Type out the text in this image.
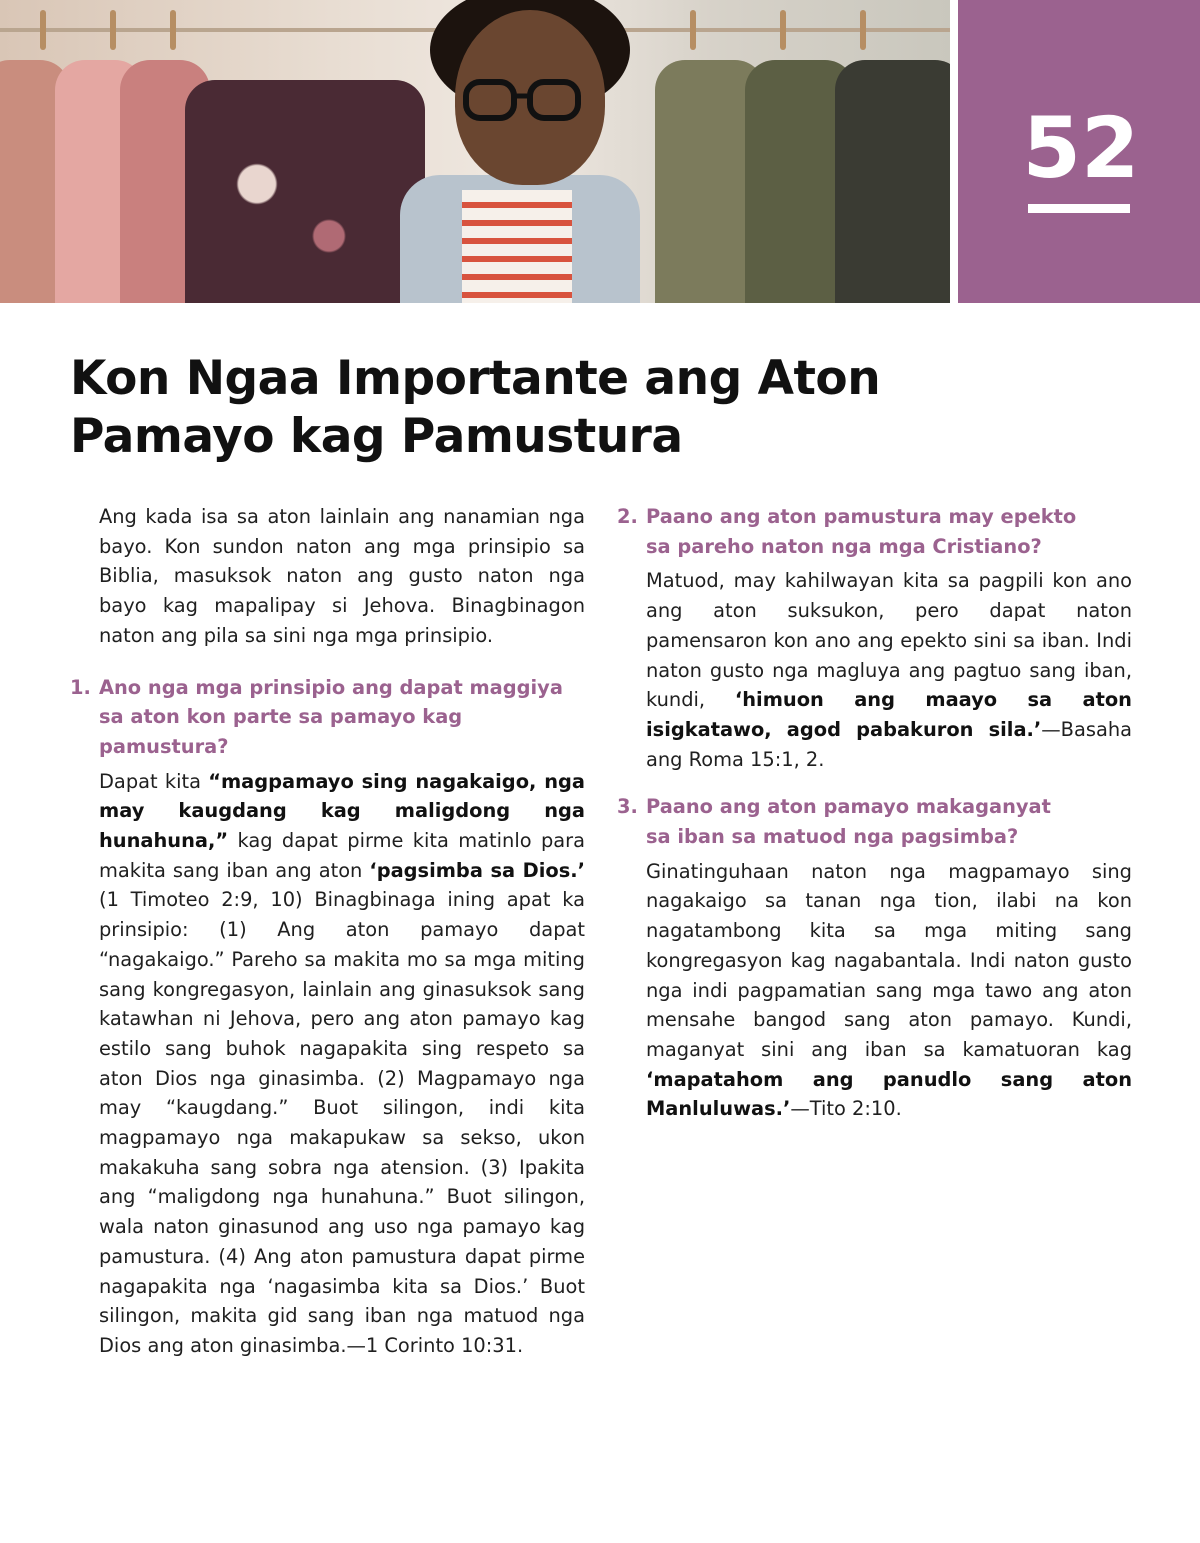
52
Kon Ngaa Importante ang Aton
Pamayo kag Pamustura

Ang kada isa sa aton lainlain ang nanamian nga bayo. Kon sundon naton ang mga prinsipio sa Biblia, masuksok naton ang gusto naton nga bayo kag mapalipay si Jehova. Binagbinagon naton ang pila sa sini nga mga prinsipio.

1. Ano nga mga prinsipio ang dapat maggiya
sa aton kon parte sa pamayo kag pamustura?

Dapat kita “magpamayo sing nagakaigo, nga may kaugdang kag maligdong nga hunahuna,” kag dapat pirme kita matinlo para makita sang iban ang aton ‘pagsimba sa Dios.’ (1 Timoteo 2:9, 10) Binagbinaga ining apat ka prinsipio: (1) Ang aton pamayo dapat “nagakaigo.” Pareho sa makita mo sa mga miting sang kongregasyon, lainlain ang ginasuksok sang katawhan ni Jehova, pero ang aton pamayo kag estilo sang buhok nagapakita sing respeto sa aton Dios nga ginasimba. (2) Magpamayo nga may “kaugdang.” Buot silingon, indi kita magpamayo nga makapukaw sa sekso, ukon makakuha sang sobra nga atension. (3) Ipakita ang “maligdong nga hunahuna.” Buot silingon, wala naton ginasunod ang uso nga pamayo kag pamustura. (4) Ang aton pamustura dapat pirme nagapakita nga ‘nagasimba kita sa Dios.’ Buot silingon, makita gid sang iban nga matuod nga Dios ang aton ginasimba.—1 Corinto 10:31.

2. Paano ang aton pamustura may epekto
sa pareho naton nga mga Cristiano?

Matuod, may kahilwayan kita sa pagpili kon ano ang aton suksukon, pero dapat naton pamensaron kon ano ang epekto sini sa iban. Indi naton gusto nga magluya ang pagtuo sang iban, kundi, ‘himuon ang maayo sa aton isigkatawo, agod pabakuron sila.’—Basaha ang Roma 15:1, 2.

3. Paano ang aton pamayo makaganyat
sa iban sa matuod nga pagsimba?

Ginatinguhaan naton nga magpamayo sing nagakaigo sa tanan nga tion, ilabi na kon nagatambong kita sa mga miting sang kongregasyon kag nagabantala. Indi naton gusto nga indi pagpamatian sang mga tawo ang aton mensahe bangod sang aton pamayo. Kundi, maganyat sini ang iban sa kamatuoran kag ‘mapatahom ang panudlo sang aton Manluluwas.’—Tito 2:10.
